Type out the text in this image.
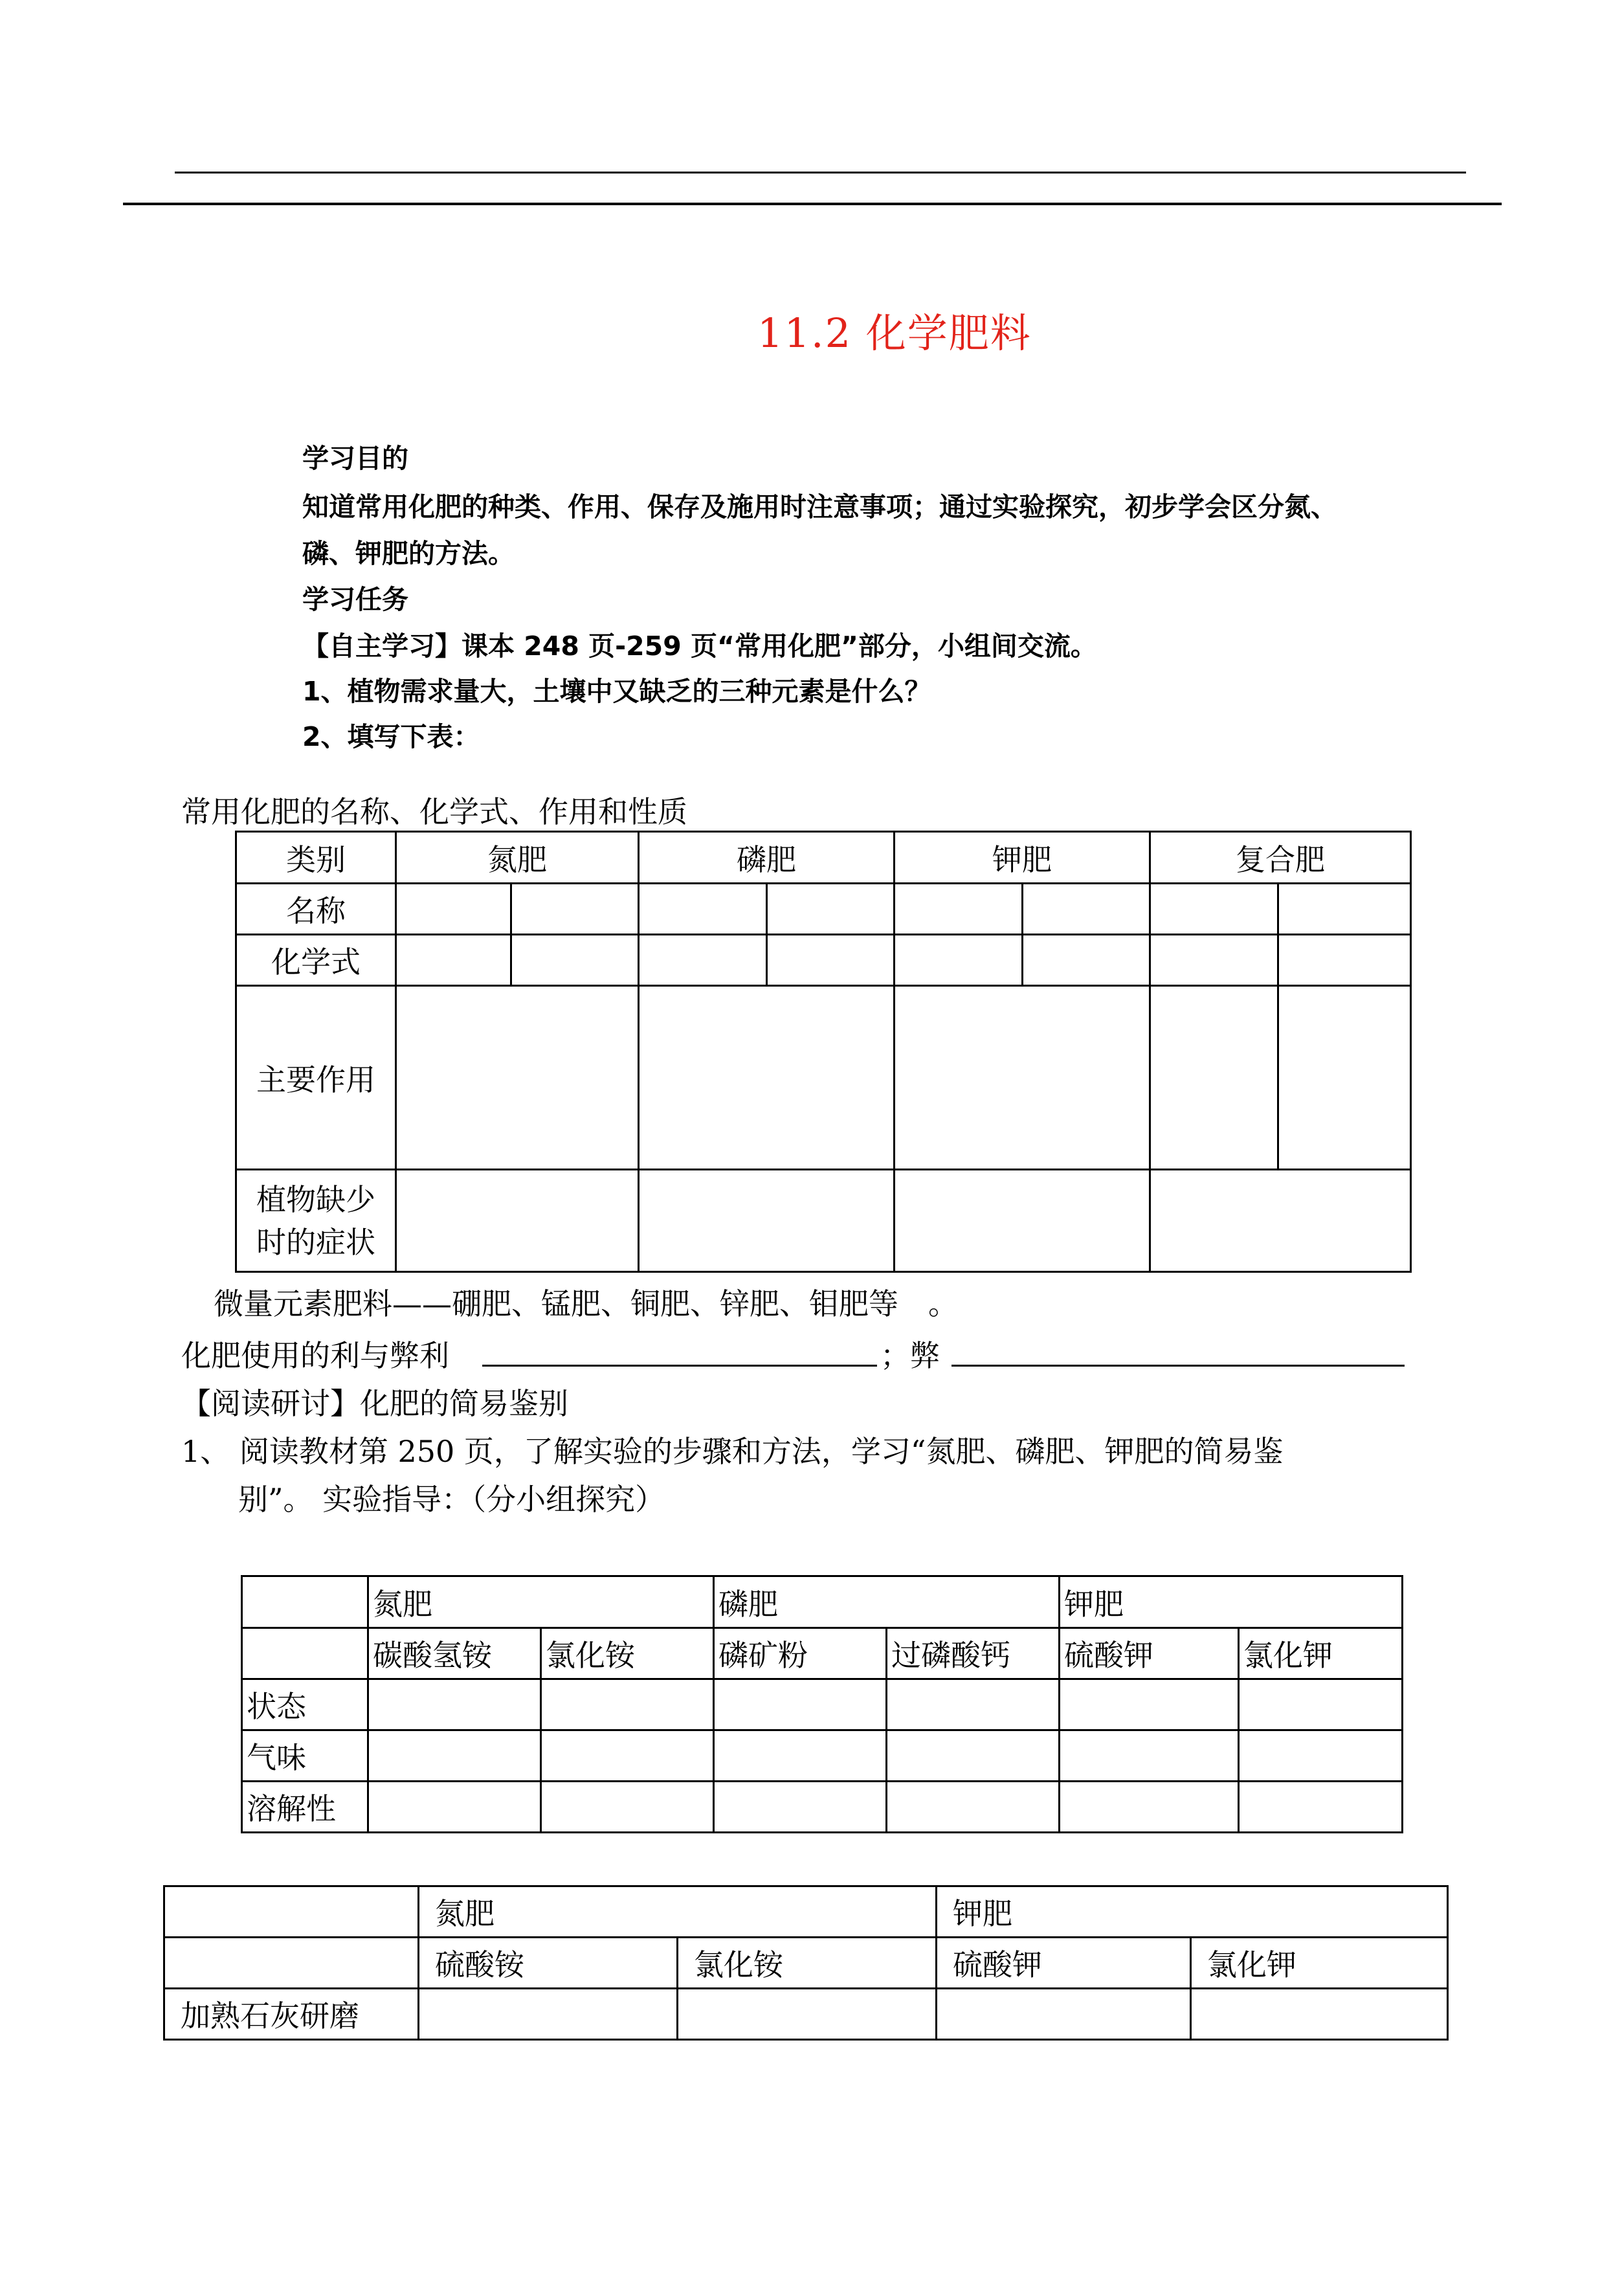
11.2 化学肥料
学习目的
知道常用化肥的种类、作用、保存及施用时注意事项；通过实验探究，初步学会区分氮、
磷、钾肥的方法。
学习任务
【自主学习】课本 248 页-259 页“常用化肥”部分，小组间交流。
1、植物需求量大，土壤中又缺乏的三种元素是什么？
2、填写下表：
常用化肥的名称、化学式、作用和性质
类别	氮肥		磷肥		钾肥		复合肥	
名称								
化学式								
主要作用								
植物缺少
时的症状								
微量元素肥料——硼肥、锰肥、铜肥、锌肥、钼肥等　。
化肥使用的利与弊利	；弊
【阅读研讨】化肥的简易鉴别
1、 阅读教材第 250 页，了解实验的步骤和方法，学习“氮肥、磷肥、钾肥的简易鉴
别”。 实验指导：（分小组探究）
	氮肥		磷肥		钾肥	
	碳酸氢铵	氯化铵	磷矿粉	过磷酸钙	硫酸钾	氯化钾
状态						
气味						
溶解性						
	氮肥		钾肥	
	硫酸铵	氯化铵	硫酸钾	氯化钾
加熟石灰研磨				
